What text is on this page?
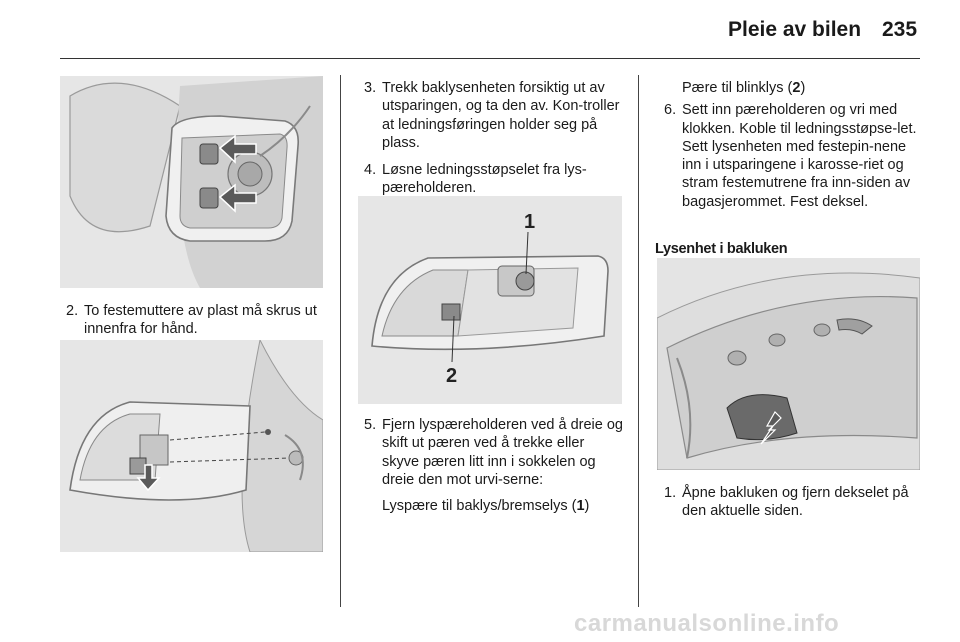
Pleie av bilen 235
2. To festemuttere av plast må skrus ut innenfra for hånd.
3. Trekk baklysenheten forsiktig ut av utsparingen, og ta den av. Kon-troller at ledningsføringen holder seg på plass.
4. Løsne ledningsstøpselet fra lys-pæreholderen.
1
2
5. Fjern lyspæreholderen ved å dreie og skift ut pæren ved å trekke eller skyve pæren litt inn i sokkelen og dreie den mot urvi-serne:
Lyspære til baklys/bremselys (1)
Pære til blinklys (2)
6. Sett inn pæreholderen og vri med klokken. Koble til ledningsstøpse-let. Sett lysenheten med festepin-nene inn i utsparingene i karosse-riet og stram festemutrene fra inn-siden av bagasjerommet. Fest deksel.
Lysenhet i bakluken
1. Åpne bakluken og fjern dekselet på den aktuelle siden.
carmanualsonline.info
